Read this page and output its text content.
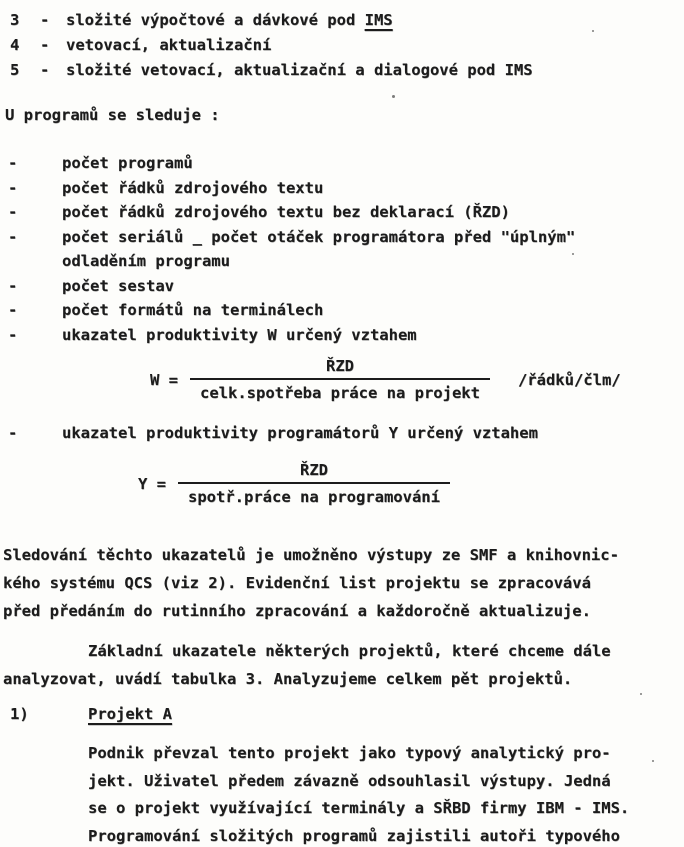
3	-	složité výpočtové a dávkové pod IMS
4	-	vetovací, aktualizační
5	-	složité vetovací, aktualizační a dialogové pod IMS
U programů se sleduje :
-	počet programů
-	počet řádků zdrojového textu
-	počet řádků zdrojového textu bez deklarací (ŘZD)
-	počet seriálů _ počet otáček programátora před "úplným"
odladěním programu
-	počet sestav
-	počet formátů na terminálech
-	ukazatel produktivity W určený vztahem
$W = \frac{\text{ŘZD}}{\text{celk.spotřeba práce na projekt}}$ /řádků/člm/
-	ukazatel produktivity programátorů Y určený vztahem
$Y = \frac{\text{ŘZD}}{\text{spotř.práce na programování}}$
Sledování těchto ukazatelů je umožněno výstupy ze SMF a knihovnic-
kého systému QCS (viz 2). Evidenční list projektu se zpracovává
před předáním do rutinního zpracování a každoročně aktualizuje.
Základní ukazatele některých projektů, které chceme dále
analyzovat, uvádí tabulka 3. Analyzujeme celkem pět projektů.
1)	Projekt A
Podnik převzal tento projekt jako typový analytický pro-
jekt. Uživatel předem závazně odsouhlasil výstupy. Jedná
se o projekt využívající terminály a SŘBD firmy IBM - IMS.
Programování složitých programů zajistili autoři typového
